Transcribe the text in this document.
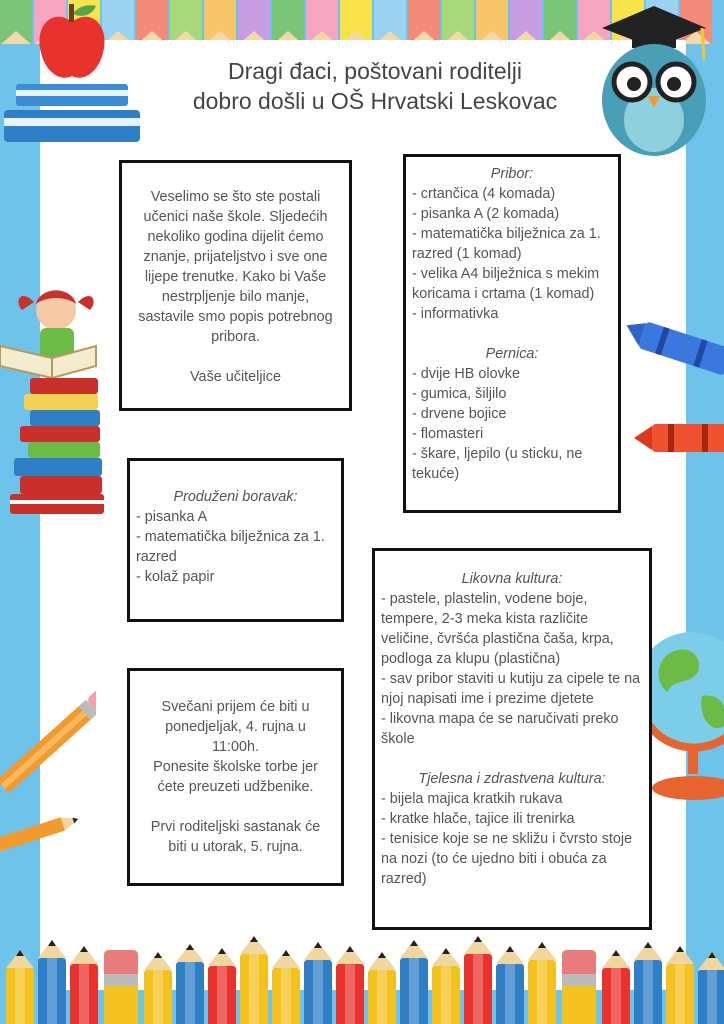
Dragi đaci, poštovani roditelji
dobro došli u OŠ Hrvatski Leskovac
Veselimo se što ste postali učenici naše škole. Sljedećih nekoliko godina dijelit ćemo znanje, prijateljstvo i sve one lijepe trenutke. Kako bi Vaše nestrpljenje bilo manje, sastavile smo popis potrebnog pribora.
Vaše učiteljice
Pribor:
- crtančica (4 komada)
- pisanka A (2 komada)
- matematička bilježnica za 1. razred (1 komad)
- velika A4 bilježnica s mekim koricama i crtama (1 komad)
- informativka
Pernica:
- dvije HB olovke
- gumica, šiljilo
- drvene bojice
- flomasteri
- škare, ljepilo (u sticku, ne tekuće)
Produženi boravak:
- pisanka A
- matematička bilježnica za 1. razred
- kolaž papir
Svečani prijem će biti u ponedjeljak, 4. rujna u 11:00h.
Ponesite školske torbe jer ćete preuzeti udžbenike.
Prvi roditeljski sastanak će biti u utorak, 5. rujna.
Likovna kultura:
- pastele, plastelin, vodene boje, tempere, 2-3 meka kista različite veličine, čvršća plastična čaša, krpa, podloga za klupu (plastična)
- sav pribor staviti u kutiju za cipele te na njoj napisati ime i prezime djetete
- likovna mapa će se naručivati preko škole
Tjelesna i zdrastvena kultura:
- bijela majica kratkih rukava
- kratke hlače, tajice ili trenirka
- tenisice koje se ne skližu i čvrsto stoje na nozi (to će ujedno biti i obuća za razred)
